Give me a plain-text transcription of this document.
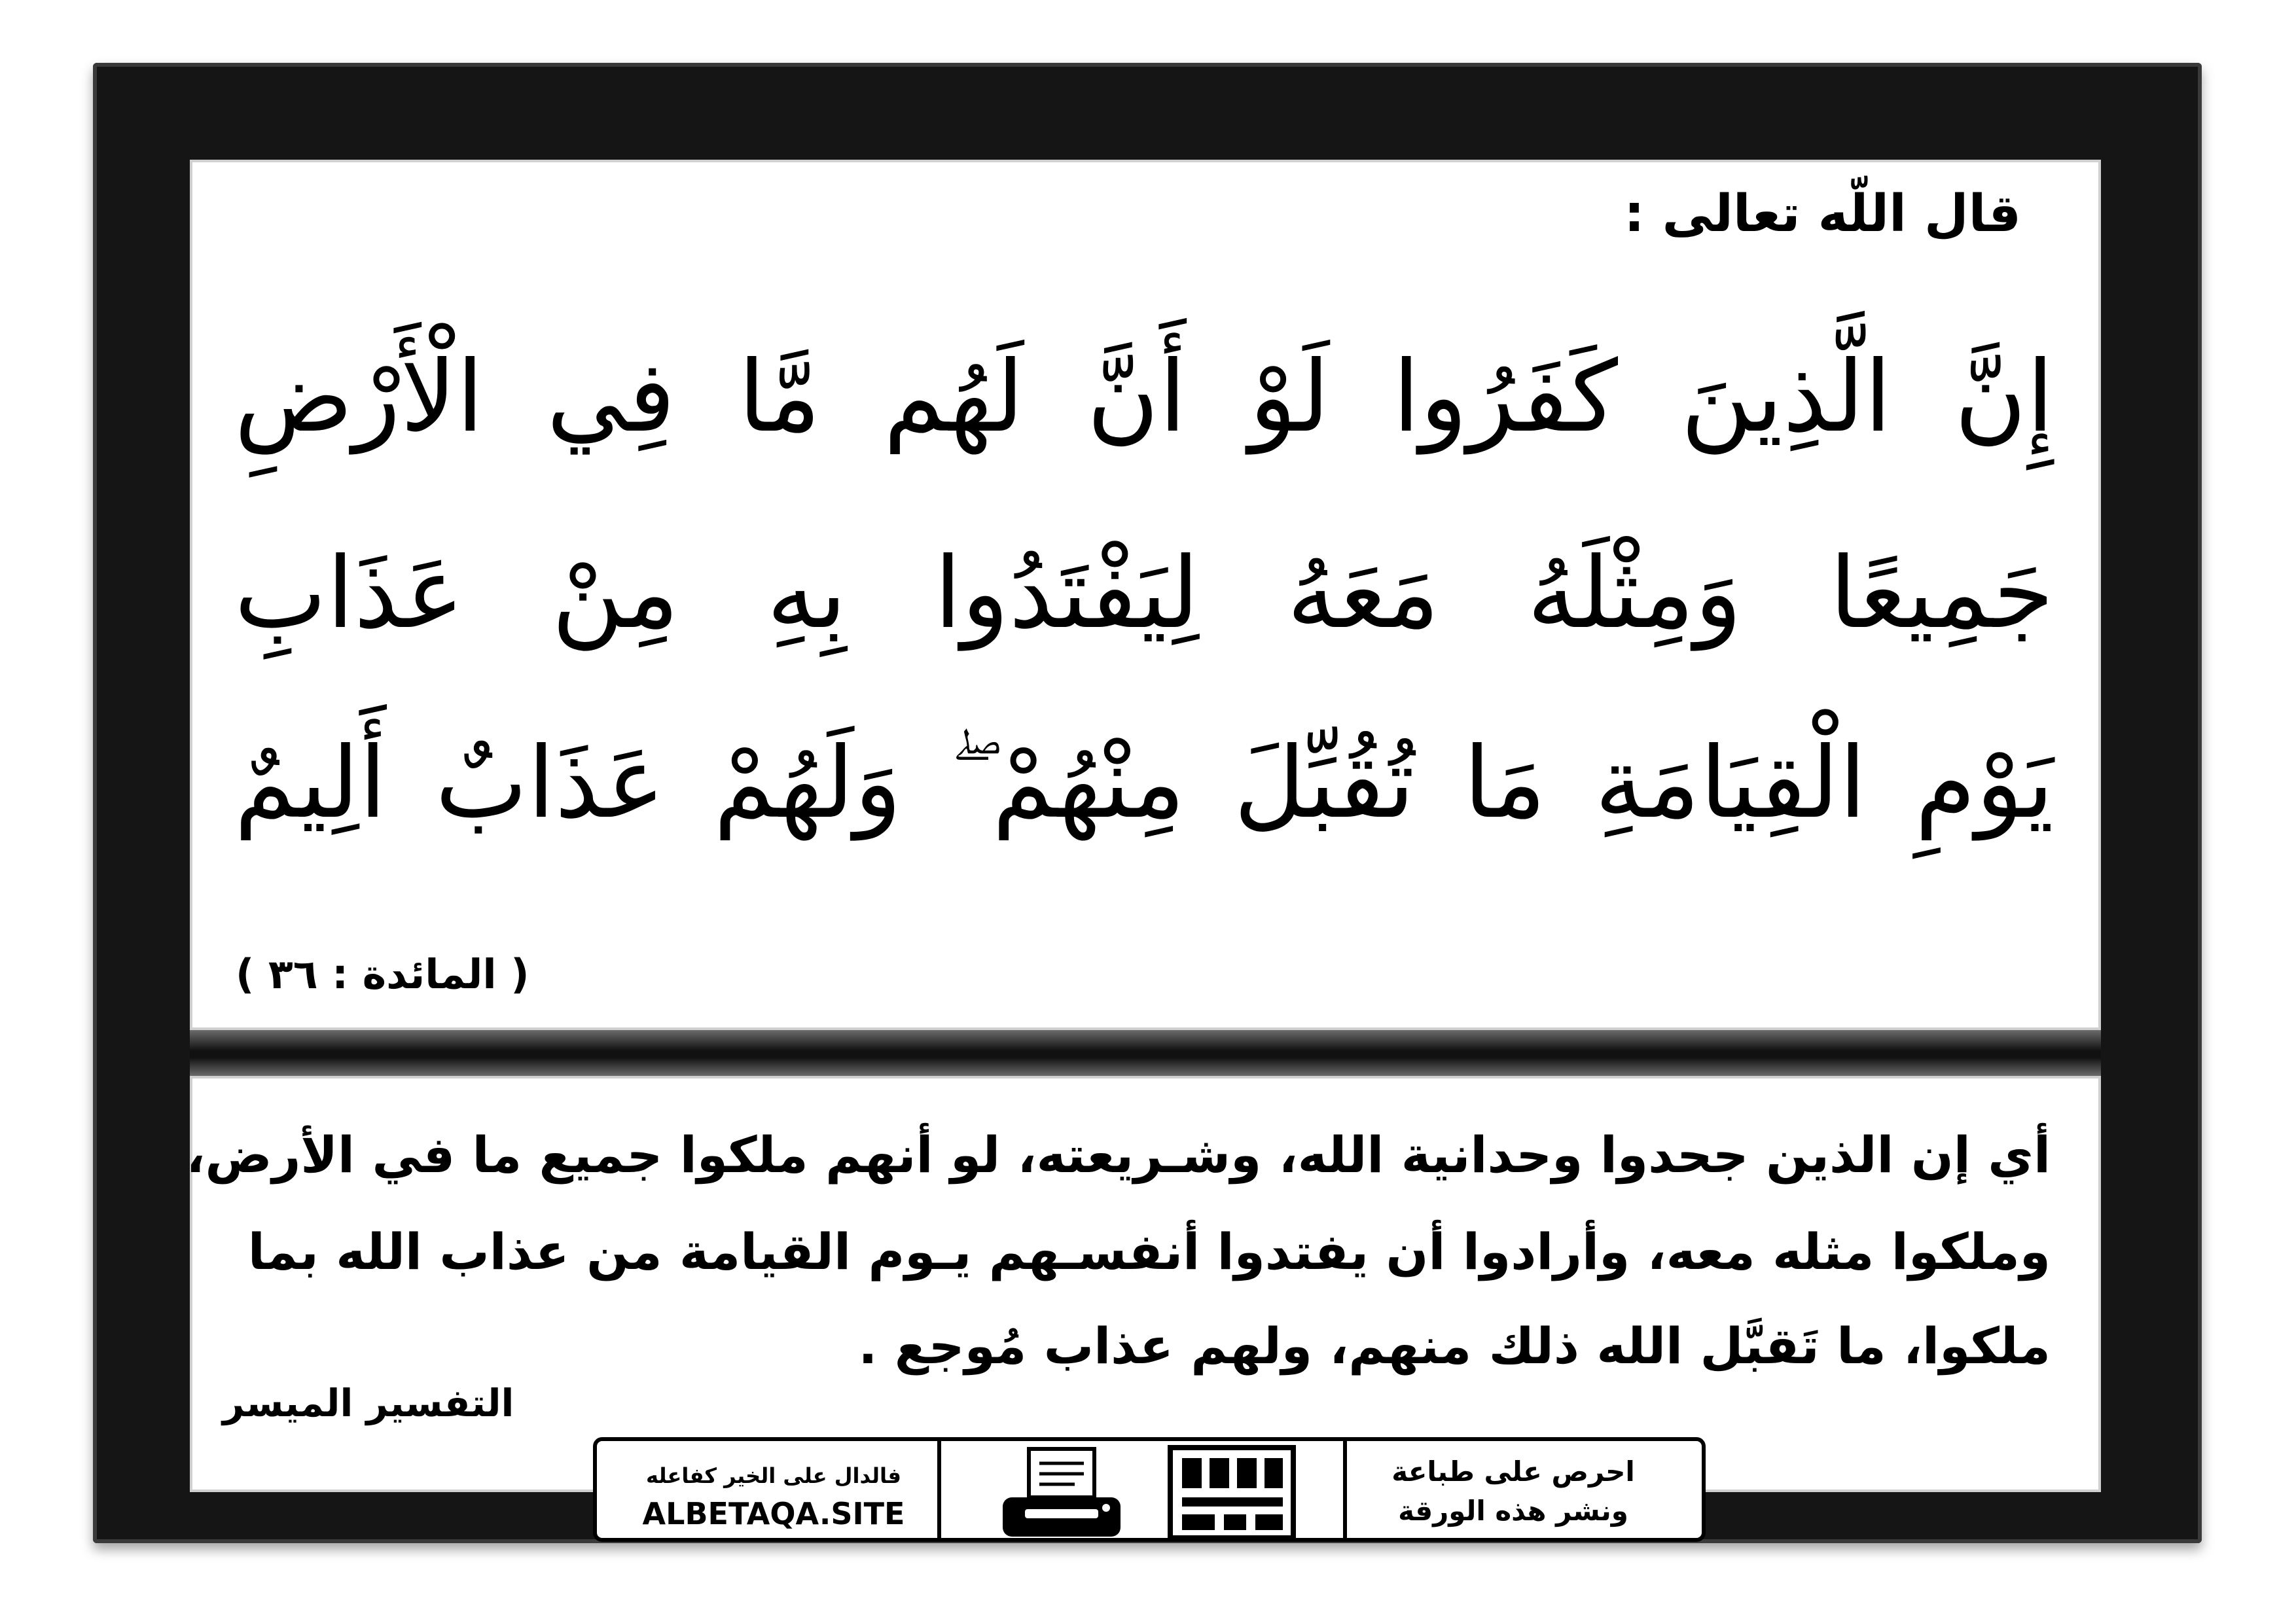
قال اللّه تعالى :
إِنَّ الَّذِينَ كَفَرُوا لَوْ أَنَّ لَهُم مَّا فِي الْأَرْضِ
جَمِيعًا وَمِثْلَهُ مَعَهُ لِيَفْتَدُوا بِهِ مِنْ عَذَابِ
يَوْمِ الْقِيَامَةِ مَا تُقُبِّلَ مِنْهُمْ ۖ وَلَهُمْ عَذَابٌ أَلِيمٌ
( المائدة : ٣٦ )
أي إن الذين جحدوا وحدانية الله، وشـريعته، لو أنهم ملكوا جميع ما في الأرض،
وملكوا مثله معه، وأرادوا أن يفتدوا أنفسـهم يـوم القيامة من عذاب الله بما
ملكوا، ما تَقبَّل الله ذلك منهم، ولهم عذاب مُوجع .
التفسير الميسر
فالدال على الخير كفاعله
ALBETAQA.SITE
احرص على طباعة
ونشر هذه الورقة
